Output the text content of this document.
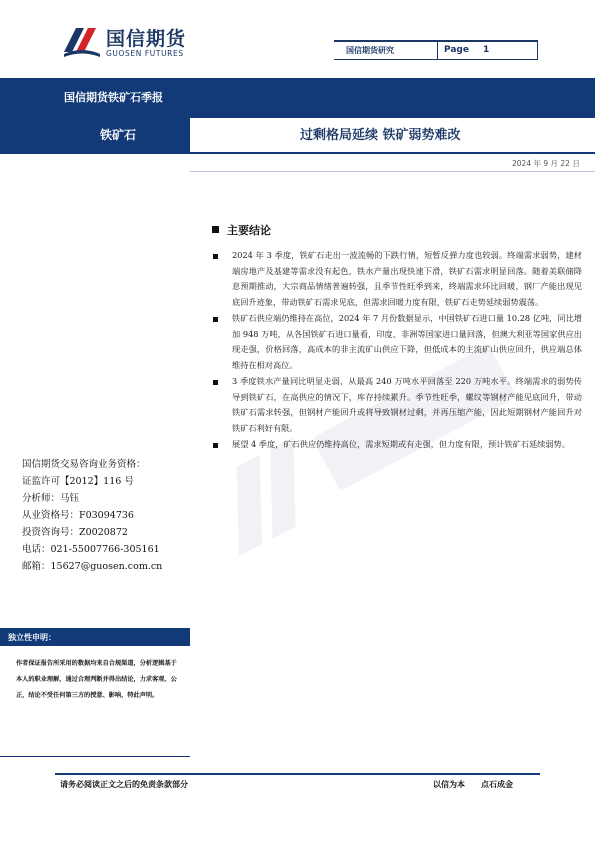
国信期货
GUOSEN FUTURES	国信期货研究	Page 1
国信期货铁矿石季报
铁矿石	过剩格局延续 铁矿弱势难改
2024 年 9 月 22 日
主要结论
2024 年 3 季度，铁矿石走出一波流畅的下跌行情，短暂反弹力度也较弱。终端需求弱势，建材端房地产及基建等需求没有起色，铁水产量出现快速下滑，铁矿石需求明显回落。随着美联储降息预期推动，大宗商品情绪普遍转强，且季节性旺季到来，终端需求环比回暖，钢厂产能出现见底回升迹象，带动铁矿石需求见底，但需求回暖力度有限，铁矿石走势延续弱势震荡。
铁矿石供应端仍维持在高位，2024 年 7 月份数据显示，中国铁矿石进口量 10.28 亿吨，同比增加 948 万吨，从各国铁矿石进口量看，印度、非洲等国家进口量回落，但澳大利亚等国家供应出现走强，价格回落，高成本的非主流矿山供应下降，但低成本的主流矿山供应回升，供应端总体维持在相对高位。
3 季度铁水产量同比明显走弱，从最高 240 万吨水平回落至 220 万吨水平。终端需求的弱势传导到铁矿石，在高供应的情况下，库存持续累升。季节性旺季，螺纹等钢材产能见底回升，带动铁矿石需求转强，但钢材产能回升或将导致钢材过剩，并再压缩产能，因此短期钢材产能回升对铁矿石利好有限。
展望 4 季度，矿石供应仍维持高位，需求短期或有走强，但力度有限，预计铁矿石延续弱势。
国信期货交易咨询业务资格：
证监许可【2012】116 号
分析师：马钰
从业资格号：F03094736
投资咨询号：Z0020872
电话：021-55007766-305161
邮箱：15627@guosen.com.cn
独立性申明：
作者保证报告所采用的数据均来自合规渠道，分析逻辑基于本人的职业理解，通过合理判断并得出结论，力求客观、公正，结论不受任何第三方的授意、影响，特此声明。
请务必阅读正文之后的免责条款部分	以信为本 点石成金
